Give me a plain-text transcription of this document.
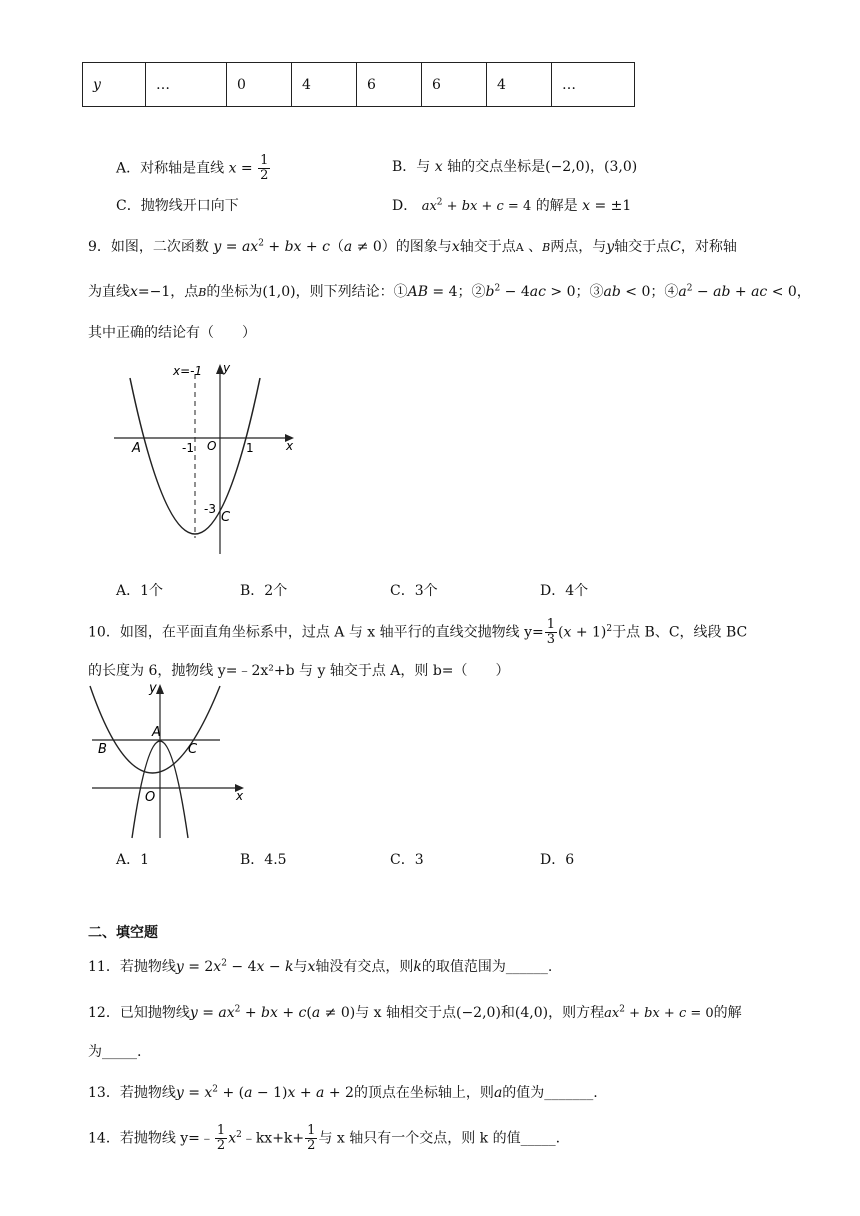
y	…	0	4	6	6	4	…
A．对称轴是直线 $x = \frac{1}{2}$	B．与 x 轴的交点坐标是(−2,0)，(3,0)
C．抛物线开口向下	D． $ax^2$ + bx + c = 4 的解是 x = ±1
9．如图，二次函数 $y = ax^2$ + bx + c（a ≠ 0）的图象与x轴交于点A 、B两点，与y轴交于点C，对称轴
为直线x=−1，点B的坐标为(1,0)，则下列结论：①AB = 4；$②b^2 - 4ac > 0$；③ab < 0；$④a^2$ − ab + ac < 0，
其中正确的结论有（　　）
x=-1 y
x
A	-1 O 1
-3
C
A．1个	B．2个	C．3个	D．4个
10．如图，在平面直角坐标系中，过点 A 与 x 轴平行的直线交抛物线 $y= \frac{1}{3} (x + 1)^2$于点 B、C，线段 BC
的长度为 6，抛物线 y=﹣2x²+b 与 y 轴交于点 A，则 b=（　　）
y
A
B	C
O	x
A．1	B．4.5	C．3	D．6
二、填空题
11．若抛物线$y = 2x^2 - 4x - k$与x轴没有交点，则k的取值范围为______.
12．已知抛物线$y = ax^2$ + bx + c(a ≠ 0)与 x 轴相交于点(−2,0)和(4,0)，则方程$ax^2$ + bx + c = 0的解
为_____.
13．若抛物线$y = x^2 + (a - 1)x + a + 2$的顶点在坐标轴上，则a的值为_______.
14．若抛物线 y=﹣ $\frac{1}{2}$ $x^2﹣kx+k+ \frac{1}{2}$ 与 x 轴只有一个交点，则 k 的值_____.
